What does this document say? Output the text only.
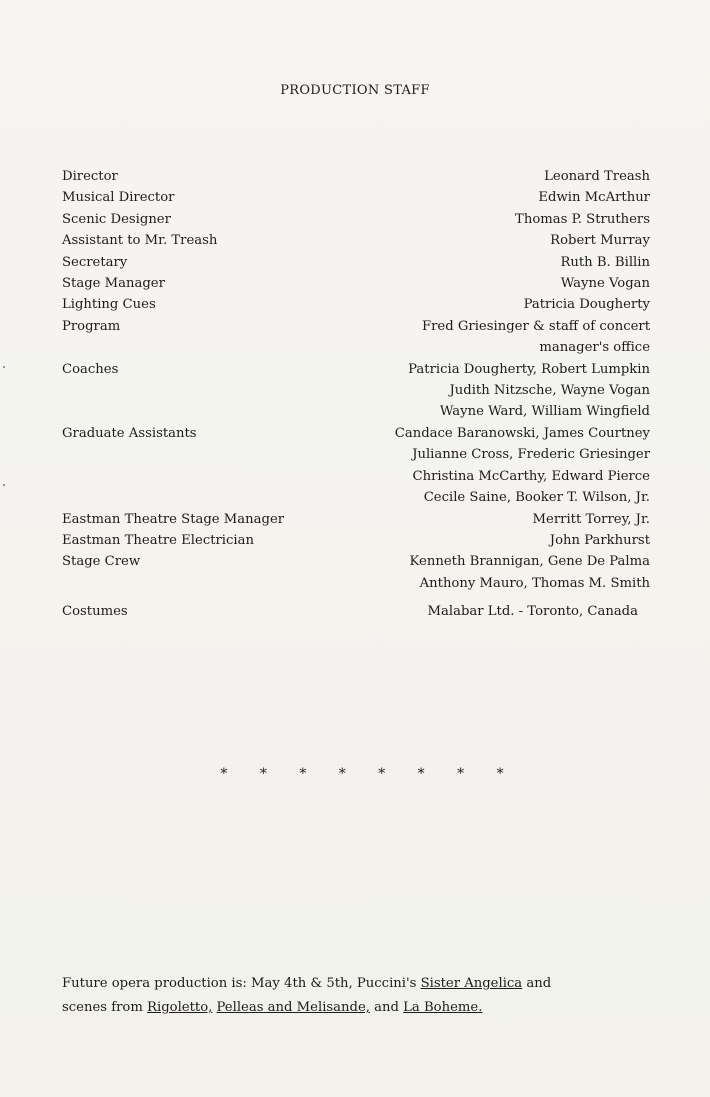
PRODUCTION STAFF
Director	Leonard Treash
Musical Director	Edwin McArthur
Scenic Designer	Thomas P. Struthers
Assistant to Mr. Treash	Robert Murray
Secretary	Ruth B. Billin
Stage Manager	Wayne Vogan
Lighting Cues	Patricia Dougherty
Program	Fred Griesinger & staff of concert
manager's office
Coaches	Patricia Dougherty, Robert Lumpkin
Judith Nitzsche, Wayne Vogan
Wayne Ward, William Wingfield
Graduate Assistants	Candace Baranowski, James Courtney
Julianne Cross, Frederic Griesinger
Christina McCarthy, Edward Pierce
Cecile Saine, Booker T. Wilson, Jr.
Eastman Theatre Stage Manager	Merritt Torrey, Jr.
Eastman Theatre Electrician	John Parkhurst
Stage Crew	Kenneth Brannigan, Gene De Palma
Anthony Mauro, Thomas M. Smith
Costumes	Malabar Ltd. - Toronto, Canada
* * * * * * * *
Future opera production is: May 4th & 5th, Puccini's Sister Angelica and
scenes from Rigoletto, Pelleas and Melisande, and La Boheme.
